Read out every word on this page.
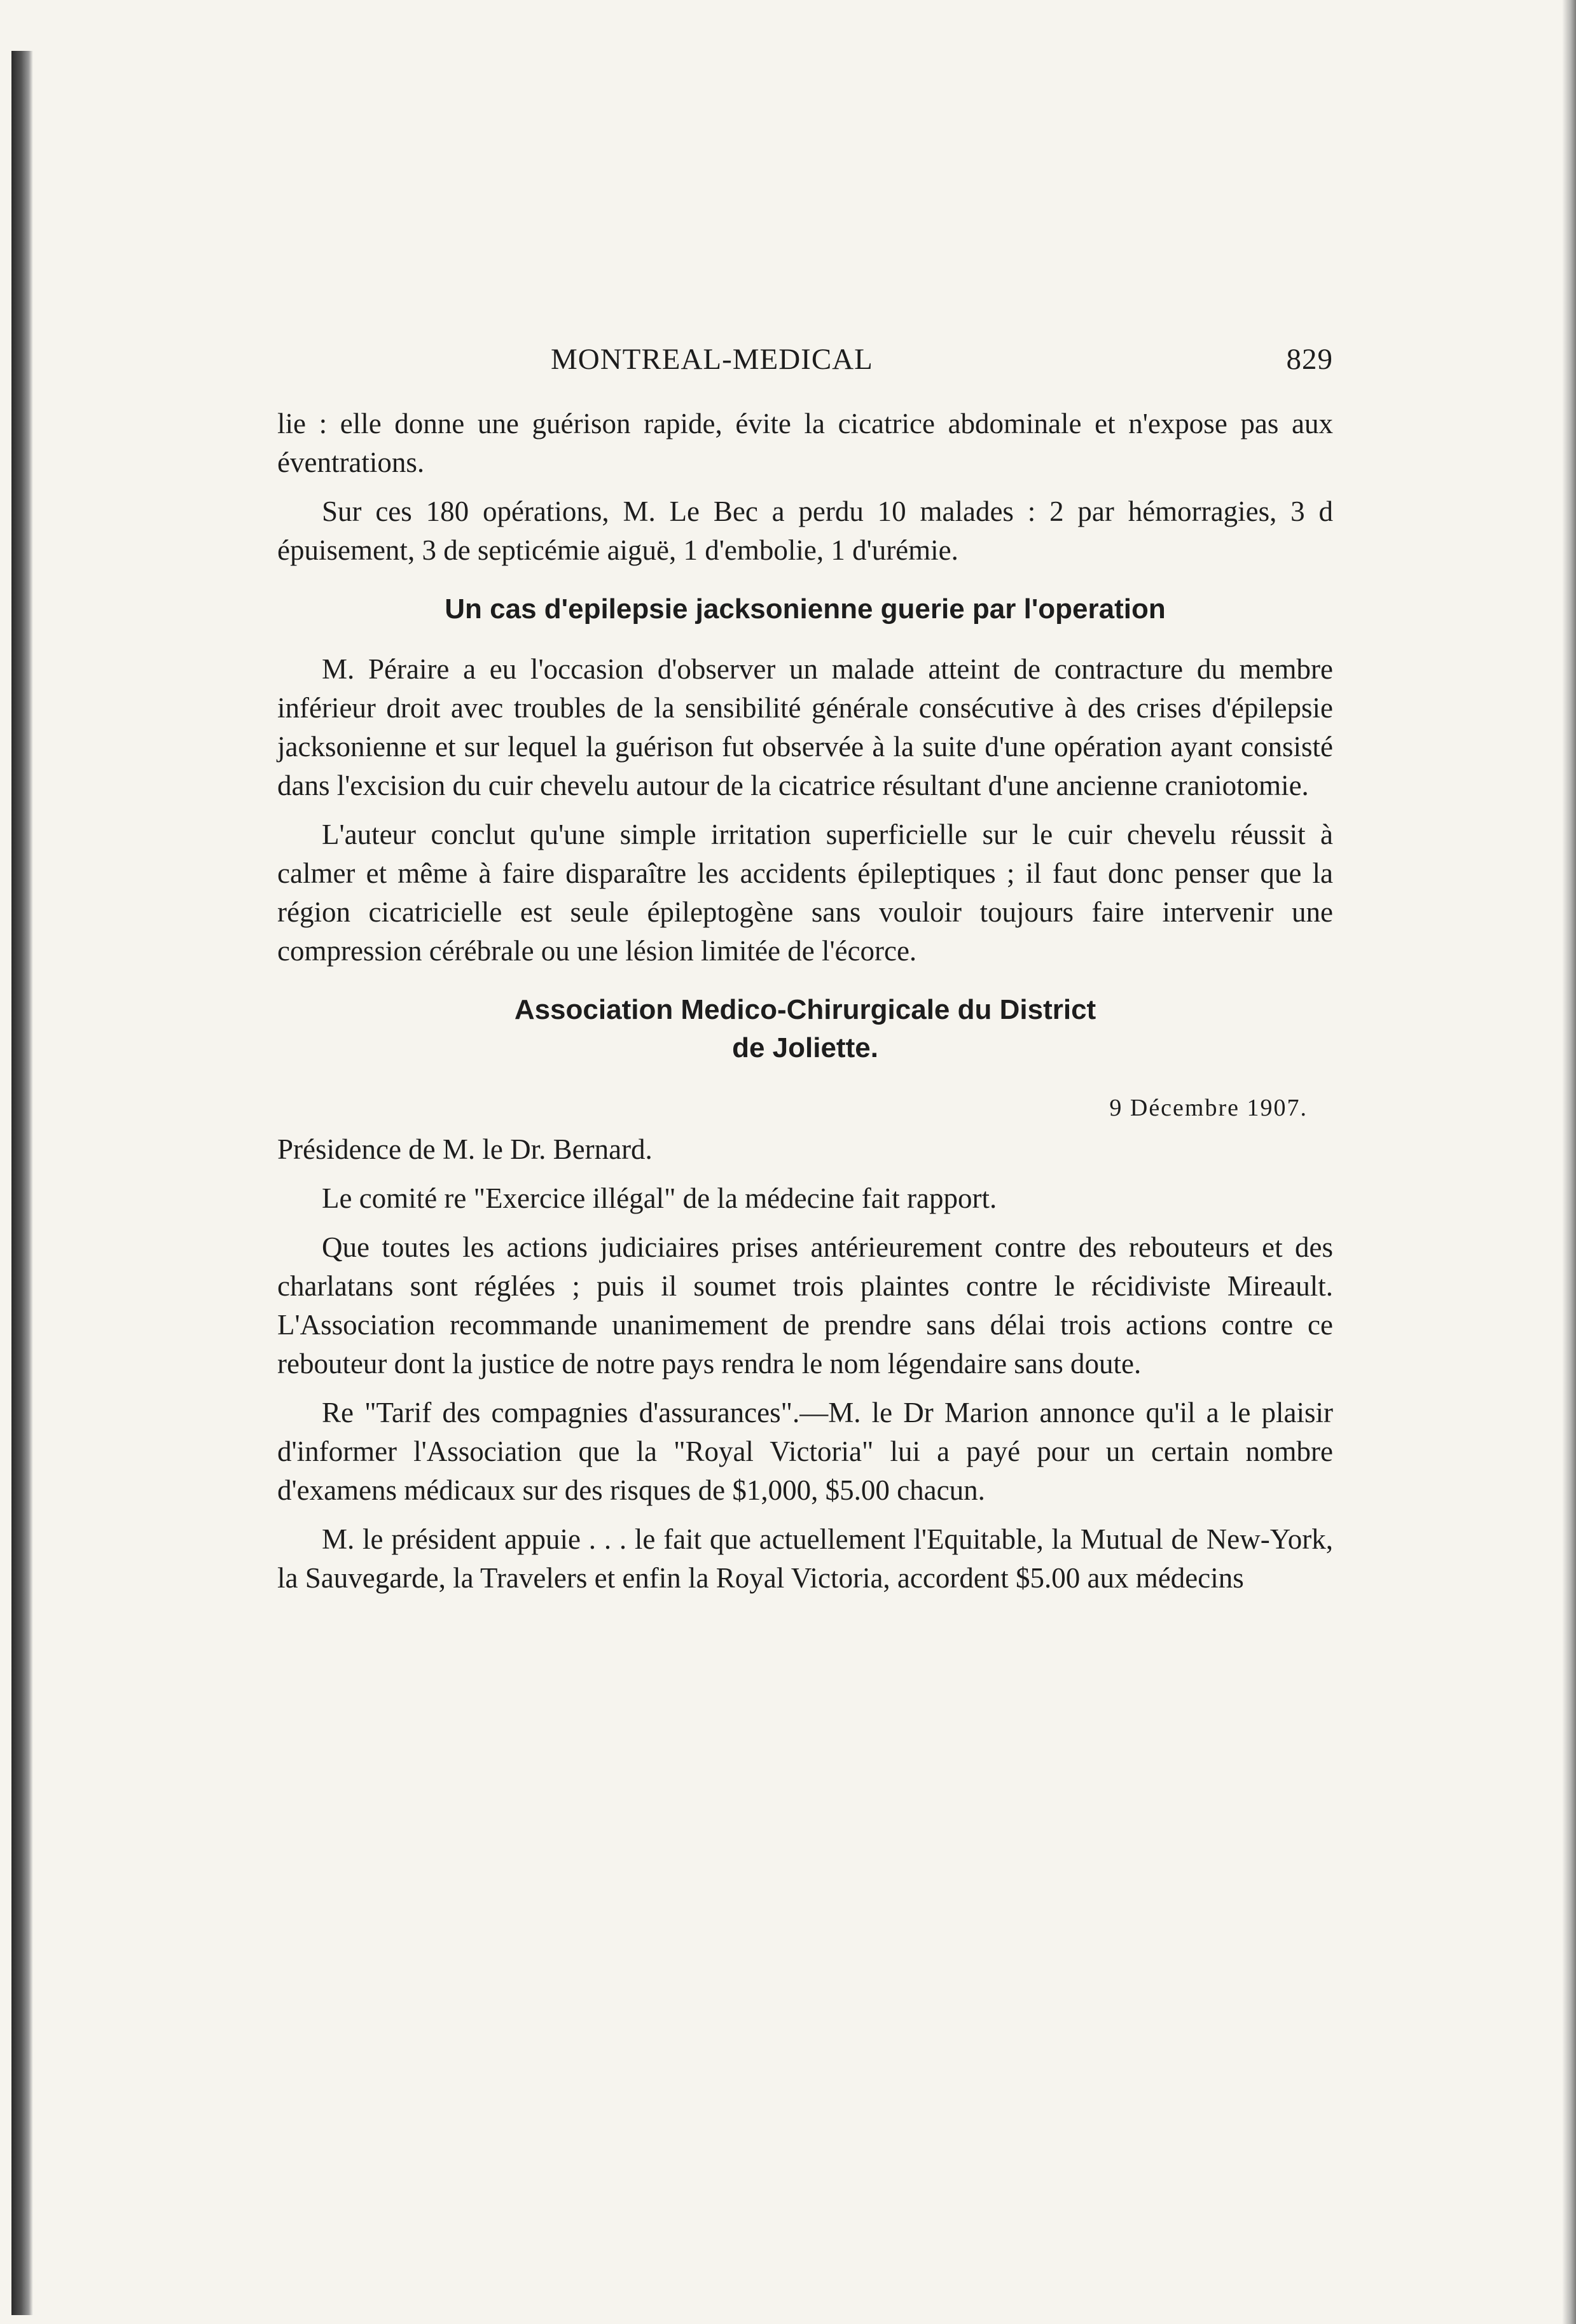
MONTREAL-MEDICAL	829

lie : elle donne une guérison rapide, évite la cicatrice abdominale et n'expose pas aux éventrations.

Sur ces 180 opérations, M. Le Bec a perdu 10 malades : 2 par hémorragies, 3 d épuisement, 3 de septicémie aiguë, 1 d'embolie, 1 d'urémie.

Un cas d'epilepsie jacksonienne guerie par l'operation

M. Péraire a eu l'occasion d'observer un malade atteint de contracture du membre inférieur droit avec troubles de la sensibilité générale consécutive à des crises d'épilepsie jacksonienne et sur lequel la guérison fut observée à la suite d'une opération ayant consisté dans l'excision du cuir chevelu autour de la cicatrice résultant d'une ancienne craniotomie.

L'auteur conclut qu'une simple irritation superficielle sur le cuir chevelu réussit à calmer et même à faire disparaître les accidents épileptiques ; il faut donc penser que la région cicatricielle est seule épileptogène sans vouloir toujours faire intervenir une compression cérébrale ou une lésion limitée de l'écorce.

Association Medico-Chirurgicale du District
de Joliette.
9 Décembre 1907.

Présidence de M. le Dr. Bernard.

Le comité re "Exercice illégal" de la médecine fait rapport.

Que toutes les actions judiciaires prises antérieurement contre des rebouteurs et des charlatans sont réglées ; puis il soumet trois plaintes contre le récidiviste Mireault. L'Association recommande unanimement de prendre sans délai trois actions contre ce rebouteur dont la justice de notre pays rendra le nom légendaire sans doute.

Re "Tarif des compagnies d'assurances".—M. le Dr Marion annonce qu'il a le plaisir d'informer l'Association que la "Royal Victoria" lui a payé pour un certain nombre d'examens médicaux sur des risques de $1,000, $5.00 chacun.

M. le président appuie . . . le fait que actuellement l'Equitable, la Mutual de New-York, la Sauvegarde, la Travelers et enfin la Royal Victoria, accordent $5.00 aux médecins
